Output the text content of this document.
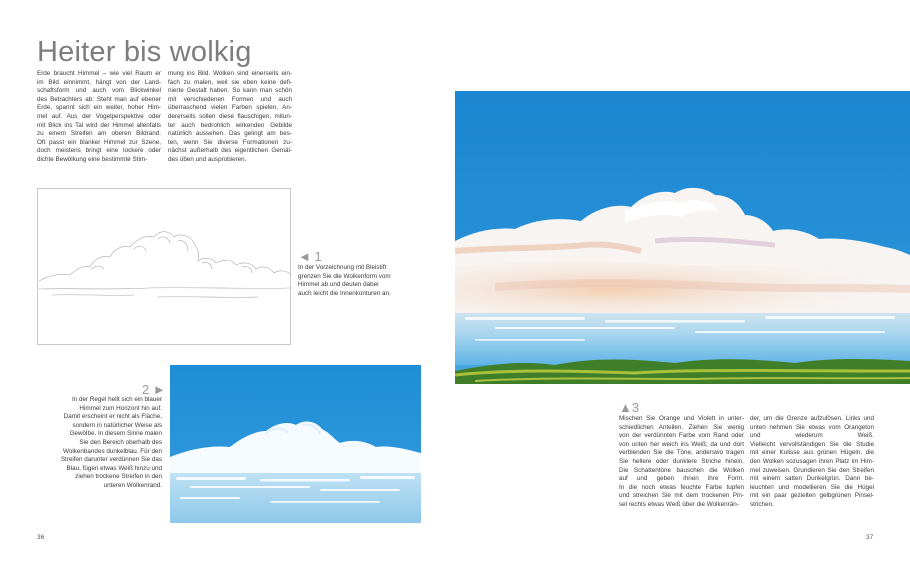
Heiter bis wolkig

Erde braucht Himmel – wie viel Raum er

im Bild einnimmt, hängt von der Land-

schaftsform und auch vom Blickwinkel

des Betrachters ab: Steht man auf ebener

Erde, spannt sich ein weiter, hoher Him-

mel auf. Aus der Vogelperspektive oder

mit Blick ins Tal wird der Himmel allenfalls

zu einem Streifen am oberen Bildrand.

Oft passt ein blanker Himmel zur Szene,

doch meistens bringt eine lockere oder

dichte Bewölkung eine bestimmte Stim-

mung ins Bild. Wolken sind einerseits ein-

fach zu malen, weil sie eben keine defi-

nierte Gestalt haben. So kann man schön

mit verschiedenen Formen und auch

überraschend vielen Farben spielen. An-

dererseits sollen diese flauschigen, mitun-

ter auch bedrohlich wirkenden Gebilde

natürlich aussehen. Das gelingt am bes-

ten, wenn Sie diverse Formationen zu-

nächst außerhalb des eigentlichen Gemäl-

des üben und ausprobieren.

◄ 1

In der Vorzeichnung mit Bleistift

grenzen Sie die Wolkenform vom

Himmel ab und deuten dabei

auch leicht die Innenkonturen an.

2 ►

In der Regel hellt sich ein blauer

Himmel zum Horizont hin auf.

Damit erscheint er nicht als Fläche,

sondern in natürlicher Weise als

Gewölbe. In diesem Sinne malen

Sie den Bereich oberhalb des

Wolkenbandes dunkelblau. Für den

Streifen darunter verdünnen Sie das

Blau, fügen etwas Weiß hinzu und

ziehen trockene Streifen in den

unteren Wolkenrand.

▲3

Mischen Sie Orange und Violett in unter-

schiedlichen Anteilen. Ziehen Sie wenig

von der verdünnten Farbe vom Rand oder

von unten her weich ins Weiß; da und dort

verblenden Sie die Töne, anderswo tragen

Sie hellere oder dunklere Striche hinein.

Die Schattentöne bauschen die Wolken

auf und geben ihnen ihre Form.

In die noch etwas feuchte Farbe tupfen

und streichen Sie mit dem trockenen Pin-

sel rechts etwas Weiß über die Wolkenrän-

der, um die Grenze aufzulösen. Links und

unten nehmen Sie etwas vom Orangeton

und wiederum Weiß.

Vielleicht vervollständigen Sie die Studie

mit einer Kulisse aus grünen Hügeln, die

den Wolken sozusagen ihren Platz im Him-

mel zuweisen. Grundieren Sie den Streifen

mit einem satten Dunkelgrün. Dann be-

leuchten und modellieren Sie die Hügel

mit ein paar gezielten gelbgrünen Pinsel-

strichen.

36	37
